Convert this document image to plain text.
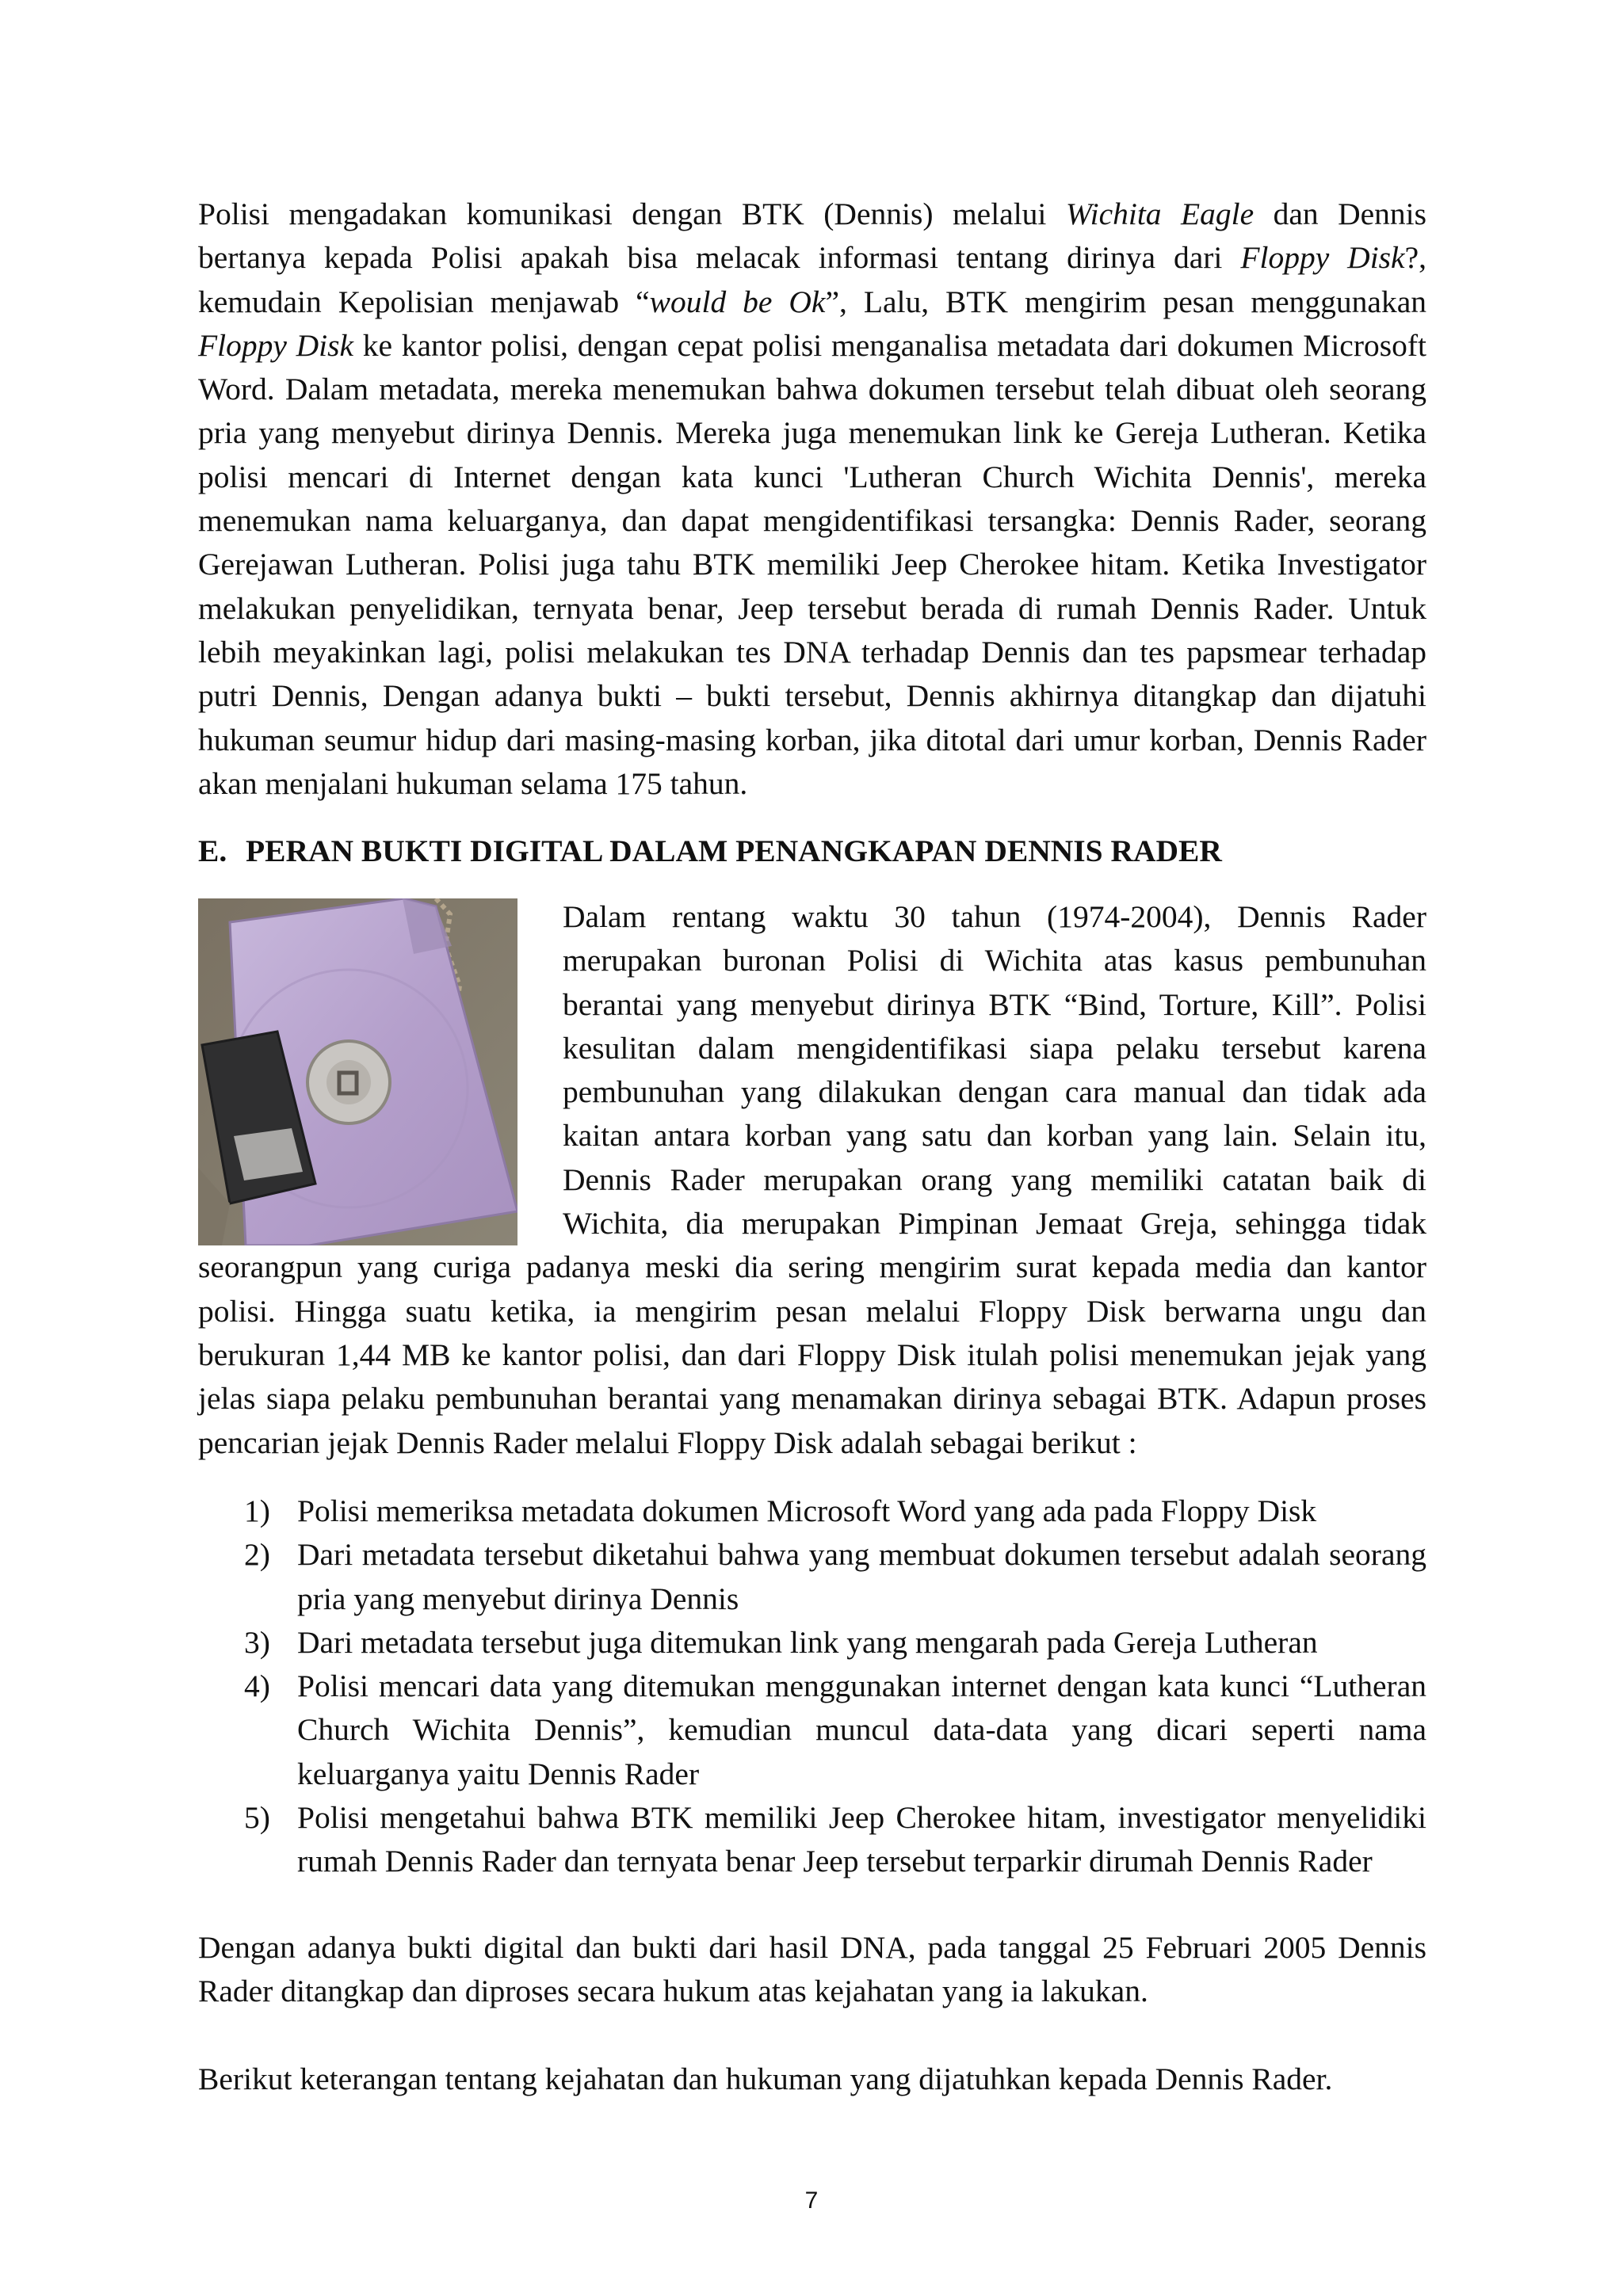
Polisi mengadakan komunikasi dengan BTK (Dennis) melalui Wichita Eagle dan Dennis bertanya kepada Polisi apakah bisa melacak informasi tentang dirinya dari Floppy Disk?, kemudain Kepolisian menjawab “would be Ok”, Lalu, BTK mengirim pesan menggunakan Floppy Disk ke kantor polisi, dengan cepat polisi menganalisa metadata dari dokumen Microsoft Word. Dalam metadata, mereka menemukan bahwa dokumen tersebut telah dibuat oleh seorang pria yang menyebut dirinya Dennis. Mereka juga menemukan link ke Gereja Lutheran. Ketika polisi mencari di Internet dengan kata kunci 'Lutheran Church Wichita Dennis', mereka menemukan nama keluarganya, dan dapat mengidentifikasi tersangka: Dennis Rader, seorang Gerejawan Lutheran. Polisi juga tahu BTK memiliki Jeep Cherokee hitam. Ketika Investigator melakukan penyelidikan, ternyata benar, Jeep tersebut berada di rumah Dennis Rader. Untuk lebih meyakinkan lagi, polisi melakukan tes DNA terhadap Dennis dan tes papsmear terhadap putri Dennis, Dengan adanya bukti – bukti tersebut, Dennis akhirnya ditangkap dan dijatuhi hukuman seumur hidup dari masing-masing korban, jika ditotal dari umur korban, Dennis Rader akan menjalani hukuman selama 175 tahun.

E. PERAN BUKTI DIGITAL DALAM PENANGKAPAN DENNIS RADER
Dalam rentang waktu 30 tahun (1974-2004), Dennis Rader merupakan buronan Polisi di Wichita atas kasus pembunuhan berantai yang menyebut dirinya BTK “Bind, Torture, Kill”. Polisi kesulitan dalam mengidentifikasi siapa pelaku tersebut karena pembunuhan yang dilakukan dengan cara manual dan tidak ada kaitan antara korban yang satu dan korban yang lain. Selain itu, Dennis Rader merupakan orang yang memiliki catatan baik di Wichita, dia merupakan Pimpinan Jemaat Greja, sehingga tidak seorangpun yang curiga padanya meski dia sering mengirim surat kepada media dan kantor polisi. Hingga suatu ketika, ia mengirim pesan melalui Floppy Disk berwarna ungu dan berukuran 1,44 MB ke kantor polisi, dan dari Floppy Disk itulah polisi menemukan jejak yang jelas siapa pelaku pembunuhan berantai yang menamakan dirinya sebagai BTK. Adapun proses pencarian jejak Dennis Rader melalui Floppy Disk adalah sebagai berikut :
1) Polisi memeriksa metadata dokumen Microsoft Word yang ada pada Floppy Disk
2) Dari metadata tersebut diketahui bahwa yang membuat dokumen tersebut adalah seorang pria yang menyebut dirinya Dennis
3) Dari metadata tersebut juga ditemukan link yang mengarah pada Gereja Lutheran
4) Polisi mencari data yang ditemukan menggunakan internet dengan kata kunci “Lutheran Church Wichita Dennis”, kemudian muncul data-data yang dicari seperti nama keluarganya yaitu Dennis Rader
5) Polisi mengetahui bahwa BTK memiliki Jeep Cherokee hitam, investigator menyelidiki rumah Dennis Rader dan ternyata benar Jeep tersebut terparkir dirumah Dennis Rader

Dengan adanya bukti digital dan bukti dari hasil DNA, pada tanggal 25 Februari 2005 Dennis Rader ditangkap dan diproses secara hukum atas kejahatan yang ia lakukan.

Berikut keterangan tentang kejahatan dan hukuman yang dijatuhkan kepada Dennis Rader.

7
